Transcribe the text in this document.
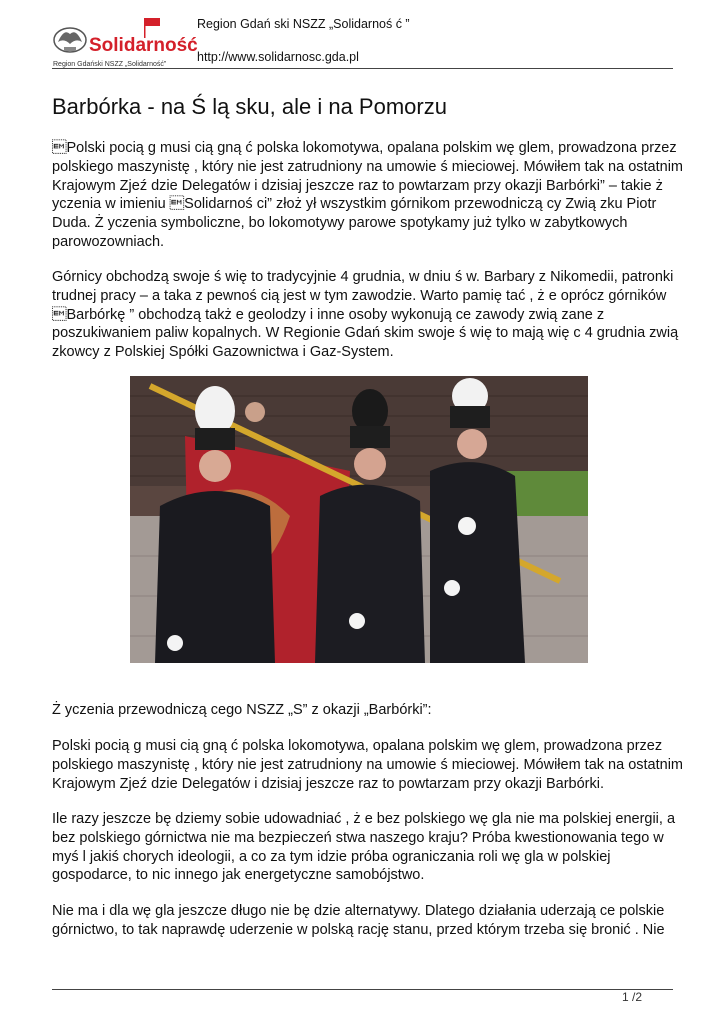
Solidarność
Region Gdański NSZZ „Solidarność”
Region Gdań ski NSZZ „Solidarnoś ć ”
http://www.solidarnosc.gda.pl
Barbórka - na Ś lą sku, ale i na Pomorzu

Polski pocią g musi cią gną ć polska lokomotywa, opalana polskim wę glem, prowadzona przez polskiego maszynistę , który nie jest zatrudniony na umowie ś mieciowej. Mówiłem tak na ostatnim Krajowym Zjeź dzie Delegatów i dzisiaj jeszcze raz to powtarzam przy okazji Barbórki” – takie ż yczenia w imieniu Solidarnoś ci” złoż ył wszystkim górnikom przewodniczą cy Zwią zku Piotr Duda. Ż yczenia symboliczne, bo lokomotywy parowe spotykamy już tylko w zabytkowych parowozowniach.

Górnicy obchodzą swoje ś wię to tradycyjnie 4 grudnia, w dniu ś w. Barbary z Nikomedii, patronki trudnej pracy – a taka z pewnoś cią jest w tym zawodzie. Warto pamię tać , ż e oprócz górników Barbórkę ” obchodzą takż e geolodzy i inne osoby wykonują ce zawody zwią zane z poszukiwaniem paliw kopalnych. W Regionie Gdań skim swoje ś wię to mają wię c 4 grudnia zwią zkowcy z Polskiej Spółki Gazownictwa i Gaz-System.

Ż yczenia przewodniczą cego NSZZ „S” z okazji „Barbórki”:

Polski pocią g musi cią gną ć polska lokomotywa, opalana polskim wę glem, prowadzona przez polskiego maszynistę , który nie jest zatrudniony na umowie ś mieciowej. Mówiłem tak na ostatnim Krajowym Zjeź dzie Delegatów i dzisiaj jeszcze raz to powtarzam przy okazji Barbórki.

Ile razy jeszcze bę dziemy sobie udowadniać , ż e bez polskiego wę gla nie ma polskiej energii, a bez polskiego górnictwa nie ma bezpieczeń stwa naszego kraju? Próba kwestionowania tego w myś l jakiś chorych ideologii, a co za tym idzie próba ograniczania roli wę gla w polskiej gospodarce, to nic innego jak energetyczne samobójstwo.

Nie ma i dla wę gla jeszcze długo nie bę dzie alternatywy. Dlatego działania uderzają ce polskie górnictwo, to tak naprawdę uderzenie w polską rację stanu, przed którym trzeba się bronić . Nie

1 /2
